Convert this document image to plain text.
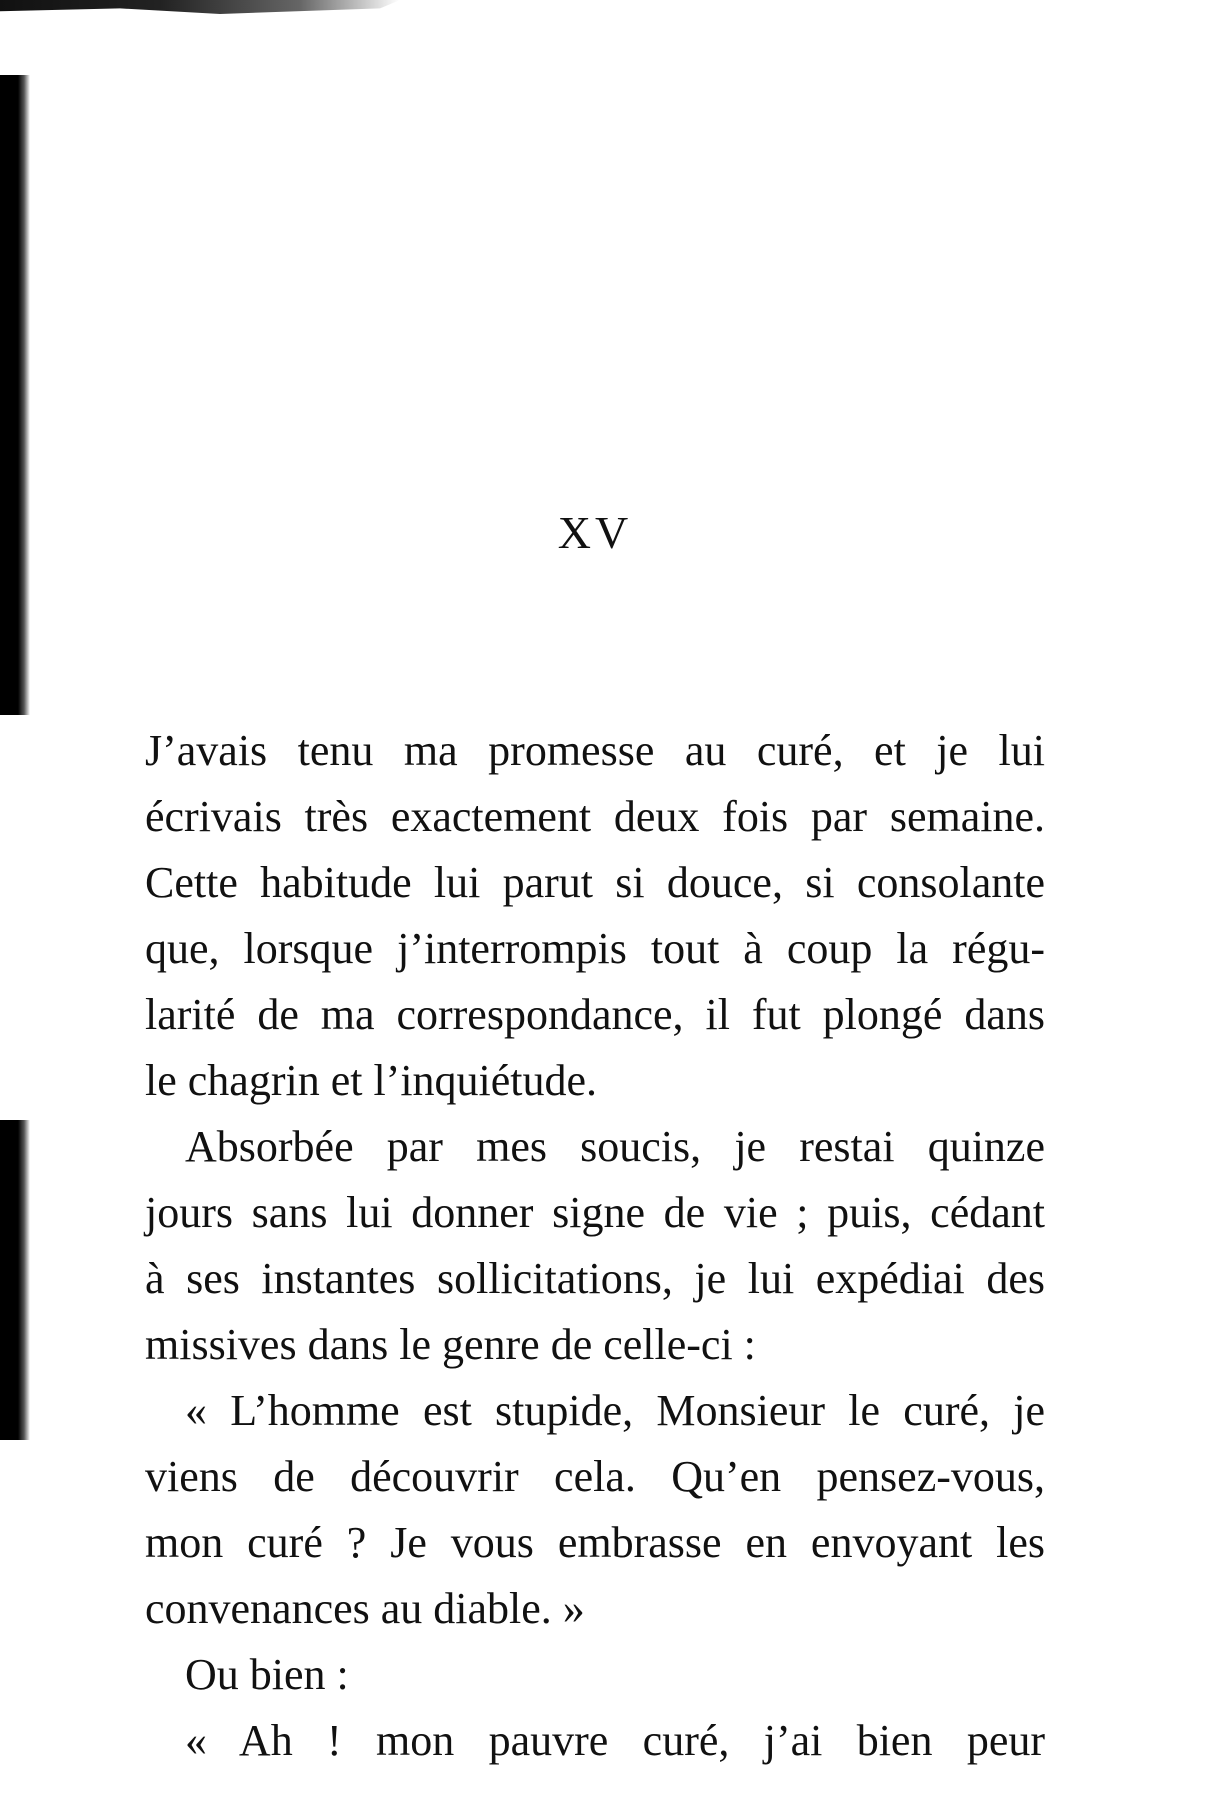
XV
J’avais tenu ma promesse au curé, et je lui
écrivais très exactement deux fois par semaine.
Cette habitude lui parut si douce, si consolante
que, lorsque j’interrompis tout à coup la régu-
larité de ma correspondance, il fut plongé dans
le chagrin et l’inquiétude.
Absorbée par mes soucis, je restai quinze
jours sans lui donner signe de vie ; puis, cédant
à ses instantes sollicitations, je lui expédiai des
missives dans le genre de celle-ci :
« L’homme est stupide, Monsieur le curé, je
viens de découvrir cela. Qu’en pensez-vous,
mon curé ? Je vous embrasse en envoyant les
convenances au diable. »
Ou bien :
« Ah ! mon pauvre curé, j’ai bien peur
